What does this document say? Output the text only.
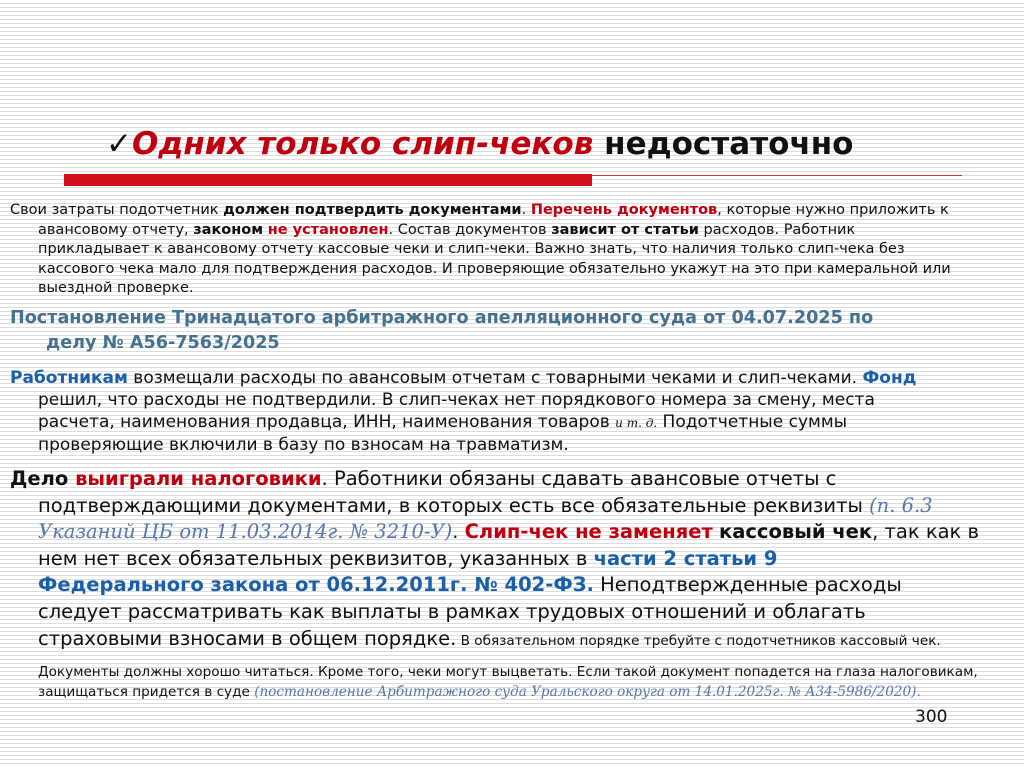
✓Одних только слип-чеков недостаточно
Свои затраты подотчетник должен подтвердить документами. Перечень документов, которые нужно приложить к
авансовому отчету, законом не установлен. Состав документов зависит от статьи расходов. Работник
прикладывает к авансовому отчету кассовые чеки и слип-чеки. Важно знать, что наличия только слип-чека без
кассового чека мало для подтверждения расходов. И проверяющие обязательно укажут на это при камеральной или
выездной проверке.
Постановление Тринадцатого арбитражного апелляционного суда от 04.07.2025 по
делу № А56-7563/2025
Работникам возмещали расходы по авансовым отчетам с товарными чеками и слип-чеками. Фонд
решил, что расходы не подтвердили. В слип-чеках нет порядкового номера за смену, места
расчета, наименования продавца, ИНН, наименования товаров и т. д. Подотчетные суммы
проверяющие включили в базу по взносам на травматизм.
Дело выиграли налоговики. Работники обязаны сдавать авансовые отчеты с
подтверждающими документами, в которых есть все обязательные реквизиты (п. 6.3
Указаний ЦБ от 11.03.2014г. № 3210-У). Слип-чек не заменяет кассовый чек, так как в
нем нет всех обязательных реквизитов, указанных в части 2 статьи 9
Федерального закона от 06.12.2011г. № 402-ФЗ. Неподтвержденные расходы
следует рассматривать как выплаты в рамках трудовых отношений и облагать
страховыми взносами в общем порядке. В обязательном порядке требуйте с подотчетников кассовый чек.
Документы должны хорошо читаться. Кроме того, чеки могут выцветать. Если такой документ попадется на глаза налоговикам,
защищаться придется в суде (постановление Арбитражного суда Уральского округа от 14.01.2025г. № А34-5986/2020).
300
